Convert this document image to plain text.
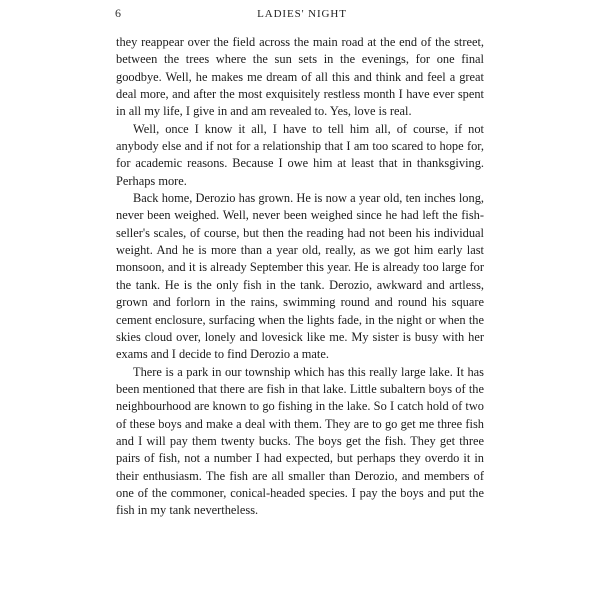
6	LADIES' NIGHT

they reappear over the field across the main road at the end of the street, between the trees where the sun sets in the evenings, for one final goodbye. Well, he makes me dream of all this and think and feel a great deal more, and after the most exquisitely restless month I have ever spent in all my life, I give in and am revealed to. Yes, love is real.

Well, once I know it all, I have to tell him all, of course, if not anybody else and if not for a relationship that I am too scared to hope for, for academic reasons. Because I owe him at least that in thanksgiving. Perhaps more.

Back home, Derozio has grown. He is now a year old, ten inches long, never been weighed. Well, never been weighed since he had left the fish-seller's scales, of course, but then the reading had not been his individual weight. And he is more than a year old, really, as we got him early last monsoon, and it is already September this year. He is already too large for the tank. He is the only fish in the tank. Derozio, awkward and artless, grown and forlorn in the rains, swimming round and round his square cement enclosure, surfacing when the lights fade, in the night or when the skies cloud over, lonely and lovesick like me. My sister is busy with her exams and I decide to find Derozio a mate.

There is a park in our township which has this really large lake. It has been mentioned that there are fish in that lake. Little subaltern boys of the neighbourhood are known to go fishing in the lake. So I catch hold of two of these boys and make a deal with them. They are to go get me three fish and I will pay them twenty bucks. The boys get the fish. They get three pairs of fish, not a number I had expected, but perhaps they overdo it in their enthusiasm. The fish are all smaller than Derozio, and members of one of the commoner, conical-headed species. I pay the boys and put the fish in my tank nevertheless.
